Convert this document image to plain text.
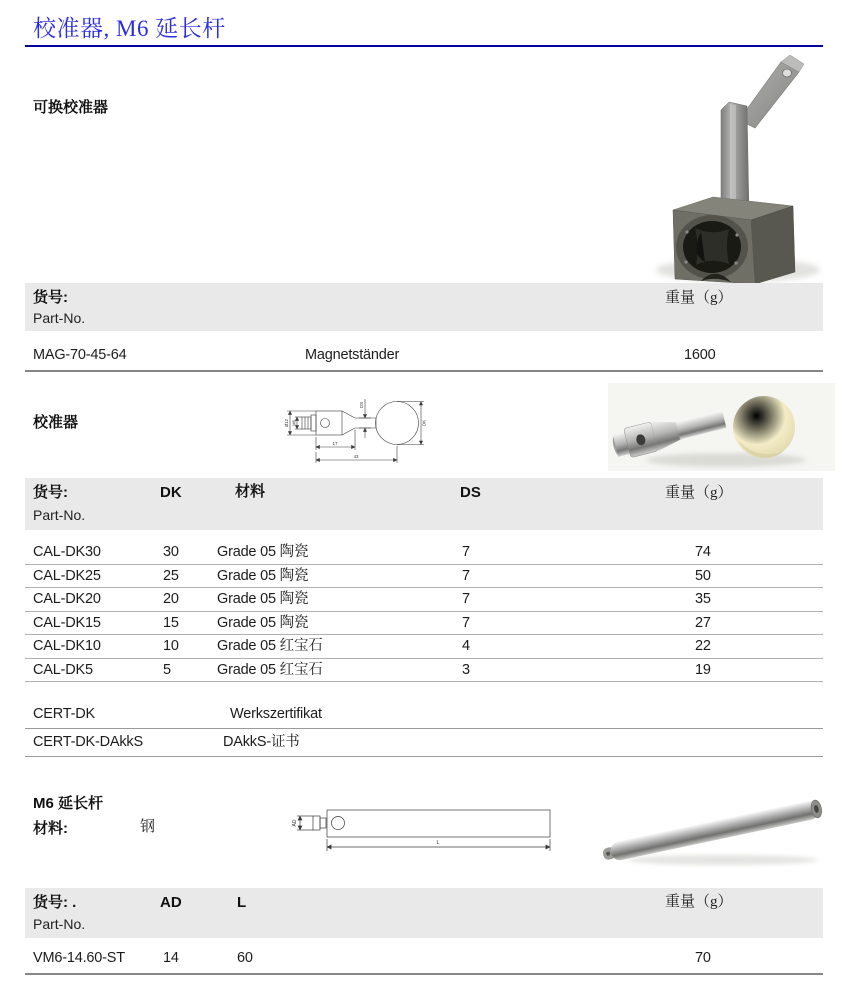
校准器, M6 延长杆
可换校准器
货号:	重量（g）
Part-No.
MAG-70-45-64	Magnetständer	1600
校准器	Ø12 M6
DS
DK
17
43
货号:	DK	材料	DS	重量（g）
Part-No.
CAL-DK30	30	Grade 05 陶瓷	7	74
CAL-DK25	25	Grade 05 陶瓷	7	50
CAL-DK20	20	Grade 05 陶瓷	7	35
CAL-DK15	15	Grade 05 陶瓷	7	27
CAL-DK10	10	Grade 05 红宝石	4	22
CAL-DK5	5	Grade 05 红宝石	3	19
CERT-DK	Werkszertifikat
CERT-DK-DAkkS	DAkkS-证书
M6 延长杆
材料:	钢	AD
L
货号: .	AD	L	重量（g）
Part-No.
VM6-14.60-ST	14	60	70
